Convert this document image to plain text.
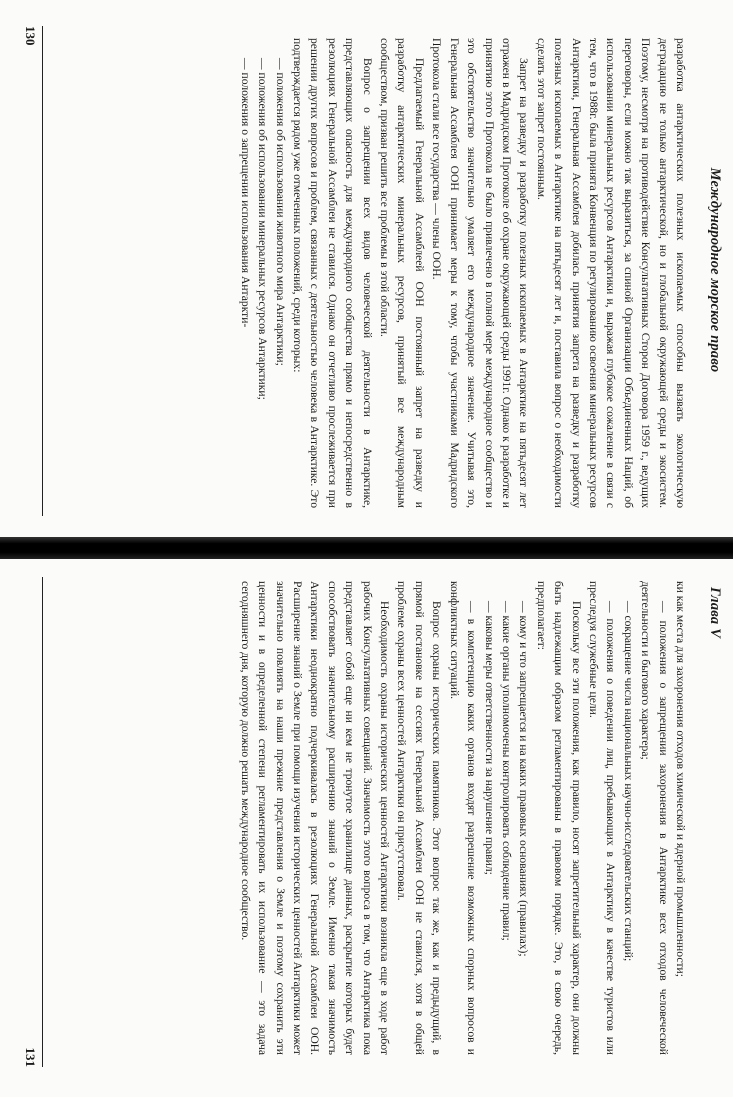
Международное морское право

разработка антарктических полезных ископаемых способны вызвать экологическую деградацию не только антарктической, но и глобальной окружающей среды и экосистем. Поэтому, несмотря на противодействие Консультативных Сторон Договора 1959 г., ведущих переговоры, если можно так выразиться, за спиной Организации Объединенных Наций, об использовании минеральных ресурсов Антарктики и, выражая глубокое сожаление в связи с тем, что в 1988г. была принята Конвенция по регулированию освоения минеральных ресурсов Антарктики, Генеральная Ассамблея добилась принятия запрета на разведку и разработку полезных ископаемых в Антарктике на пятьдесят лет и, поставила вопрос о необходимости сделать этот запрет постоянным.

Запрет на разведку и разработку полезных ископаемых в Антарктике на пятьдесят лет отражен в Мадридском Протоколе об охране окружающей среды 1991г. Однако к разработке и принятию этого Протокола не было привлечено в полной мере международное сообщество и это обстоятельство значительно умаляет его международное значение. Учитывая это, Генеральная Ассамблея ООН принимает меры к тому, чтобы участниками Мадридского Протокола стали все государства — члены ООН.

Предлагаемый Генеральной Ассамблеей ООН постоянный запрет на разведку и разработку антарктических минеральных ресурсов, принятый все международным сообществом, призван решить все проблемы в этой области.

Вопрос о запрещении всех видов человеческой деятельности в Антарктике, представляющих опасность для международного сообщества прямо и непосредственно в резолюциях Генеральной Ассамблеи не ставился. Однако он отчетливо прослеживается при решении других вопросов и проблем, связанных с деятельностью человека в Антарктике. Это подтверждается рядом уже отмеченных положений, среди которых:

— положения об использовании животного мира Антарктики;

— положения об использовании минеральных ресурсов Антарктики;

— положения о запрещении использования Антаркти-

130
Глава V

ки как места для захоронения отходов химической и ядерной промышленности;

— положения о запрещении захоронения в Антарктике всех отходов человеческой деятельности и бытового характера;

— сокращение числа национальных научно-исследовательских станций;

— положения о поведении лиц, пребывающих в Антарктику в качестве туристов или преследуя служебные цели.

Поскольку все эти положения, как правило, носят запретительный характер, они должны быть надлежащим образом регламентированы в правовом порядке. Это, в свою очередь, предполагает:

— кому и что запрещается и на каких правовых основаниях (правилах);

— какие органы уполномочены контролировать соблюдение правил;

— каковы меры ответственности за нарушение правил;

— в компетенцию каких органов входят разрешение возможных спорных вопросов и конфликтных ситуаций.

Вопрос охраны исторических памятников. Этот вопрос так же, как и предыдущий, в прямой постановке на сессиях Генеральной Ассамблеи ООН не ставился, хотя в общей проблеме охраны всех ценностей Антарктики он присутствовал.

Необходимость охраны исторических ценностей Антарктики возникла еще в ходе работ рабочих Консультативных совещаний. Значимость этого вопроса в том, что Антарктика пока представляет собой еще ни кем не тронутое хранилище данных, раскрытие которых будет способствовать значительному расширению знаний о Земле. Именно такая значимость Антарктики неоднократно подчеркивалась в резолюциях Генеральной Ассамблеи ООН. Расширение знаний о Земле при помощи изучения исторических ценностей Антарктики может значительно повлиять на наши прежние представления о Земле и поэтому сохранить эти ценности и в определенной степени регламентировать их использование — это задача сегодняшнего дня, которую должно решать международное сообщество.

131
